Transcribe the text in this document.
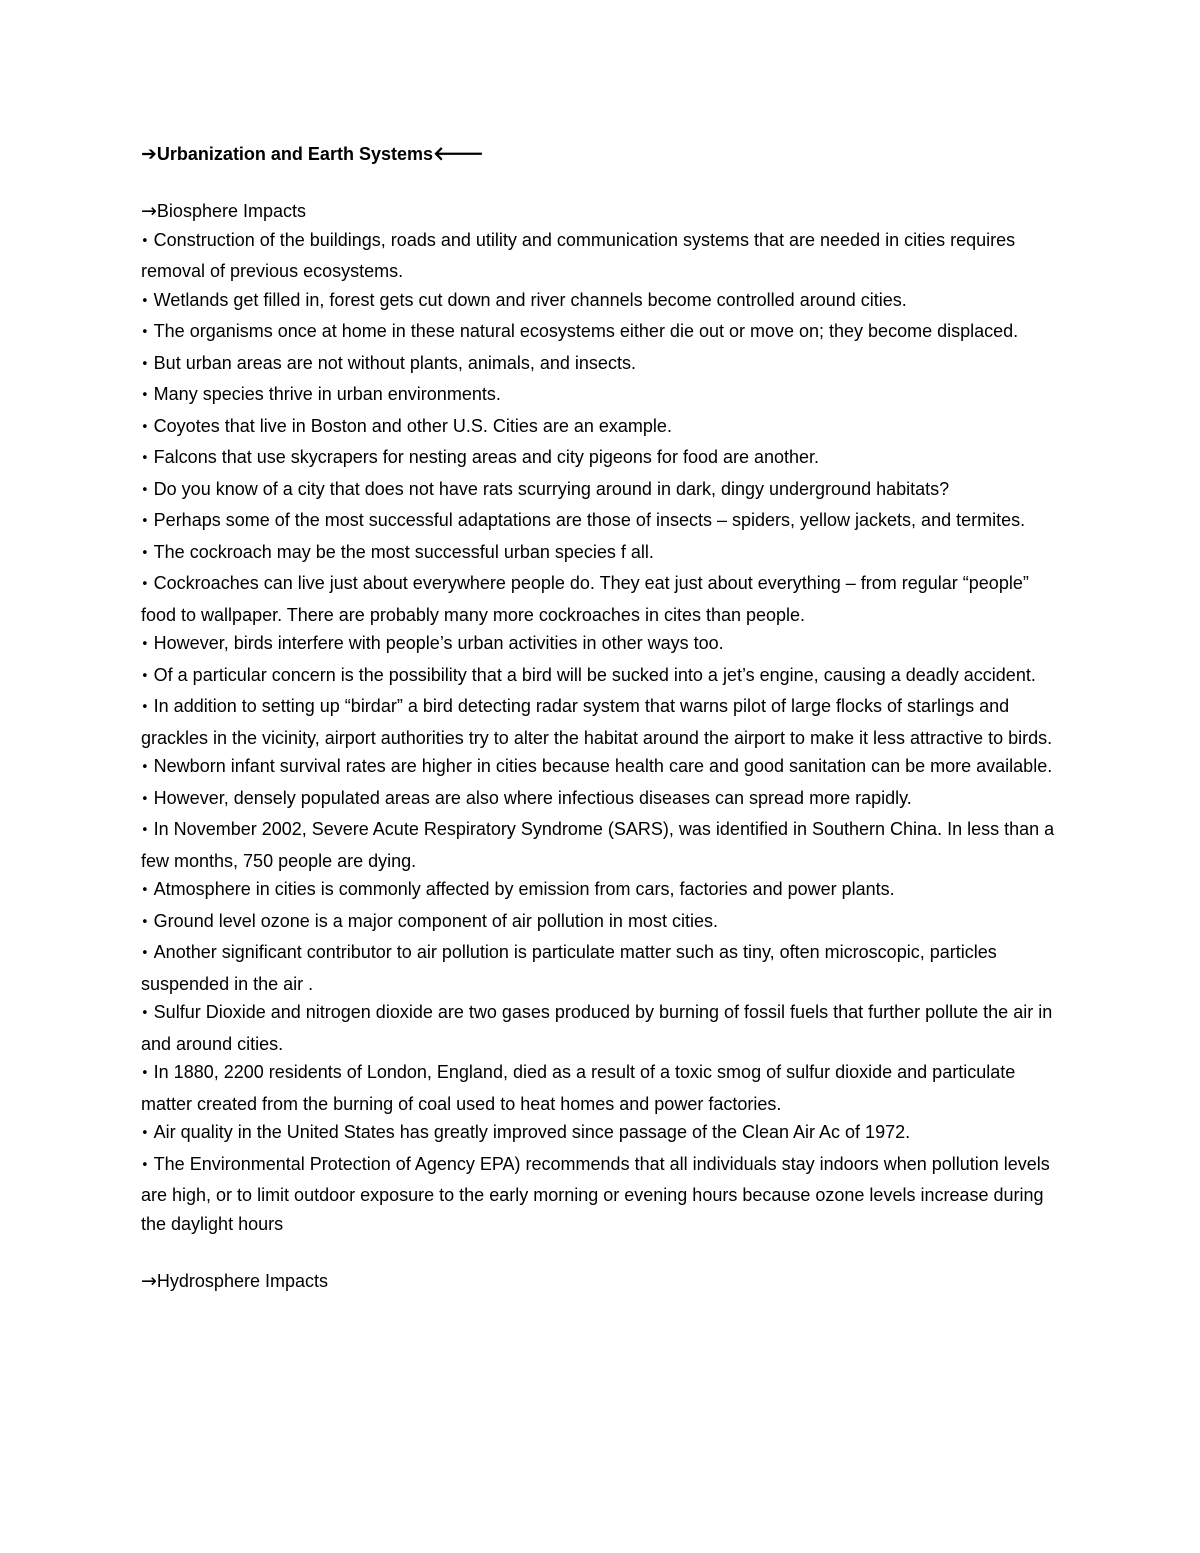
➔Urbanization and Earth Systems🡐

→Biosphere Impacts

• Construction of the buildings, roads and utility and communication systems that are needed in cities requires removal of previous ecosystems.
• Wetlands get filled in, forest gets cut down and river channels become controlled around cities.
• The organisms once at home in these natural ecosystems either die out or move on; they become displaced.
• But urban areas are not without plants, animals, and insects.
• Many species thrive in urban environments.
• Coyotes that live in Boston and other U.S. Cities are an example.
• Falcons that use skycrapers for nesting areas and city pigeons for food are another.
• Do you know of a city that does not have rats scurrying around in dark, dingy underground habitats?
• Perhaps some of the most successful adaptations are those of insects – spiders, yellow jackets, and termites.
• The cockroach may be the most successful urban species f all.
• Cockroaches can live just about everywhere people do. They eat just about everything – from regular “people” food to wallpaper. There are probably many more cockroaches in cites than people.
• However, birds interfere with people’s urban activities in other ways too.
• Of a particular concern is the possibility that a bird will be sucked into a jet’s engine, causing a deadly accident.
• In addition to setting up “birdar” a bird detecting radar system that warns pilot of large flocks of starlings and grackles in the vicinity, airport authorities try to alter the habitat around the airport to make it less attractive to birds.
• Newborn infant survival rates are higher in cities because health care and good sanitation can be more available.
• However, densely populated areas are also where infectious diseases can spread more rapidly.
• In November 2002, Severe Acute Respiratory Syndrome (SARS), was identified in Southern China. In less than a few months, 750 people are dying.
• Atmosphere in cities is commonly affected by emission from cars, factories and power plants.
• Ground level ozone is a major component of air pollution in most cities.
• Another significant contributor to air pollution is particulate matter such as tiny, often microscopic, particles suspended in the air .
• Sulfur Dioxide and nitrogen dioxide are two gases produced by burning of fossil fuels that further pollute the air in and around cities.
• In 1880, 2200 residents of London, England, died as a result of a toxic smog of sulfur dioxide and particulate matter created from the burning of coal used to heat homes and power factories.
• Air quality in the United States has greatly improved since passage of the Clean Air Ac of 1972.
• The Environmental Protection of Agency EPA) recommends that all individuals stay indoors when pollution levels are high, or to limit outdoor exposure to the early morning or evening hours because ozone levels increase during the daylight hours

→Hydrosphere Impacts
